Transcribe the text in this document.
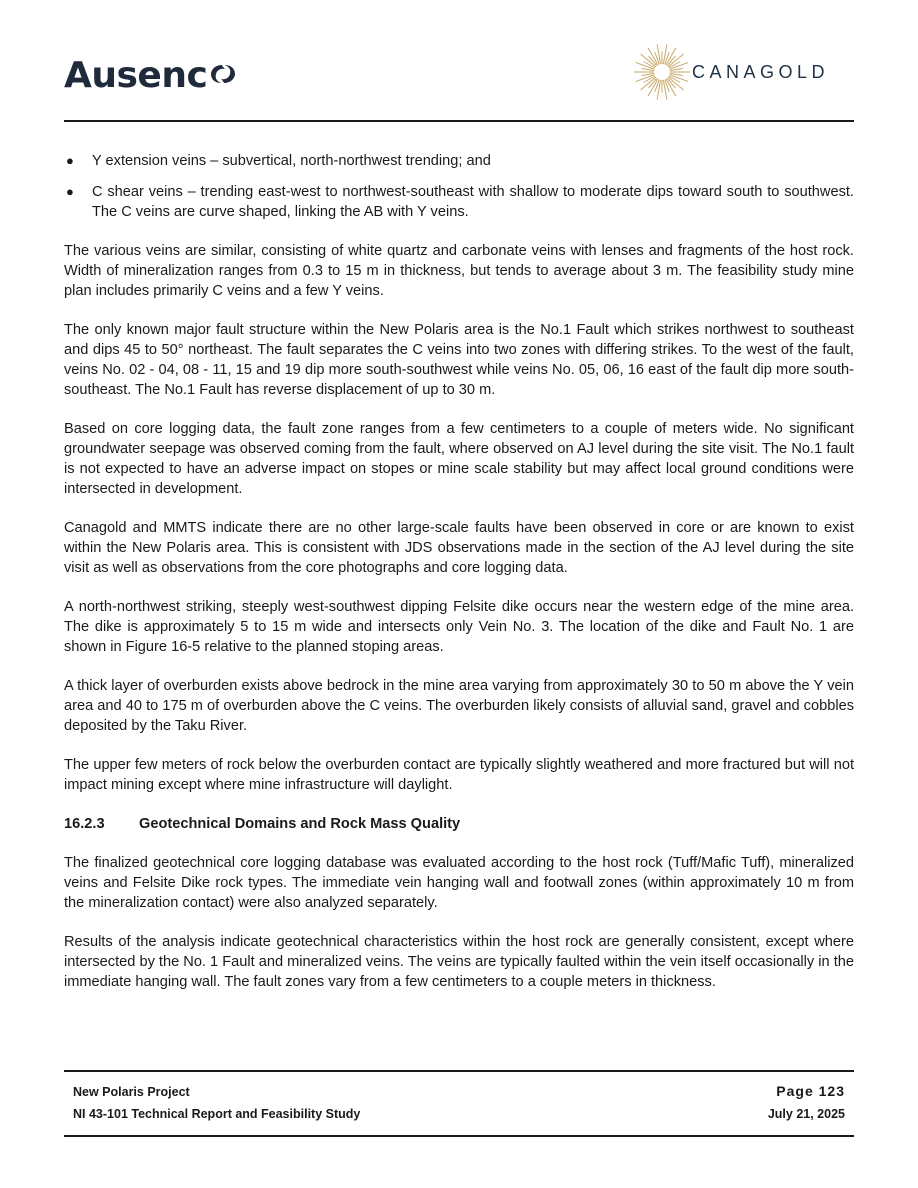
Ausenc	CANAGOLD
● Y extension veins – subvertical, north-northwest trending; and
● C shear veins – trending east-west to northwest-southeast with shallow to moderate dips toward south to southwest. The C veins are curve shaped, linking the AB with Y veins.

The various veins are similar, consisting of white quartz and carbonate veins with lenses and fragments of the host rock. Width of mineralization ranges from 0.3 to 15 m in thickness, but tends to average about 3 m. The feasibility study mine plan includes primarily C veins and a few Y veins.

The only known major fault structure within the New Polaris area is the No.1 Fault which strikes northwest to southeast and dips 45 to 50° northeast. The fault separates the C veins into two zones with differing strikes. To the west of the fault, veins No. 02 - 04, 08 - 11, 15 and 19 dip more south-southwest while veins No. 05, 06, 16 east of the fault dip more south-southeast. The No.1 Fault has reverse displacement of up to 30 m.

Based on core logging data, the fault zone ranges from a few centimeters to a couple of meters wide. No significant groundwater seepage was observed coming from the fault, where observed on AJ level during the site visit. The No.1 fault is not expected to have an adverse impact on stopes or mine scale stability but may affect local ground conditions were intersected in development.

Canagold and MMTS indicate there are no other large-scale faults have been observed in core or are known to exist within the New Polaris area. This is consistent with JDS observations made in the section of the AJ level during the site visit as well as observations from the core photographs and core logging data.

A north-northwest striking, steeply west-southwest dipping Felsite dike occurs near the western edge of the mine area. The dike is approximately 5 to 15 m wide and intersects only Vein No. 3. The location of the dike and Fault No. 1 are shown in Figure 16-5 relative to the planned stoping areas.

A thick layer of overburden exists above bedrock in the mine area varying from approximately 30 to 50 m above the Y vein area and 40 to 175 m of overburden above the C veins. The overburden likely consists of alluvial sand, gravel and cobbles deposited by the Taku River.

The upper few meters of rock below the overburden contact are typically slightly weathered and more fractured but will not impact mining except where mine infrastructure will daylight.

16.2.3	Geotechnical Domains and Rock Mass Quality

The finalized geotechnical core logging database was evaluated according to the host rock (Tuff/Mafic Tuff), mineralized veins and Felsite Dike rock types. The immediate vein hanging wall and footwall zones (within approximately 10 m from the mineralization contact) were also analyzed separately.

Results of the analysis indicate geotechnical characteristics within the host rock are generally consistent, except where intersected by the No. 1 Fault and mineralized veins. The veins are typically faulted within the vein itself occasionally in the immediate hanging wall. The fault zones vary from a few centimeters to a couple meters in thickness.

New Polaris Project	Page 123
NI 43-101 Technical Report and Feasibility Study	July 21, 2025
